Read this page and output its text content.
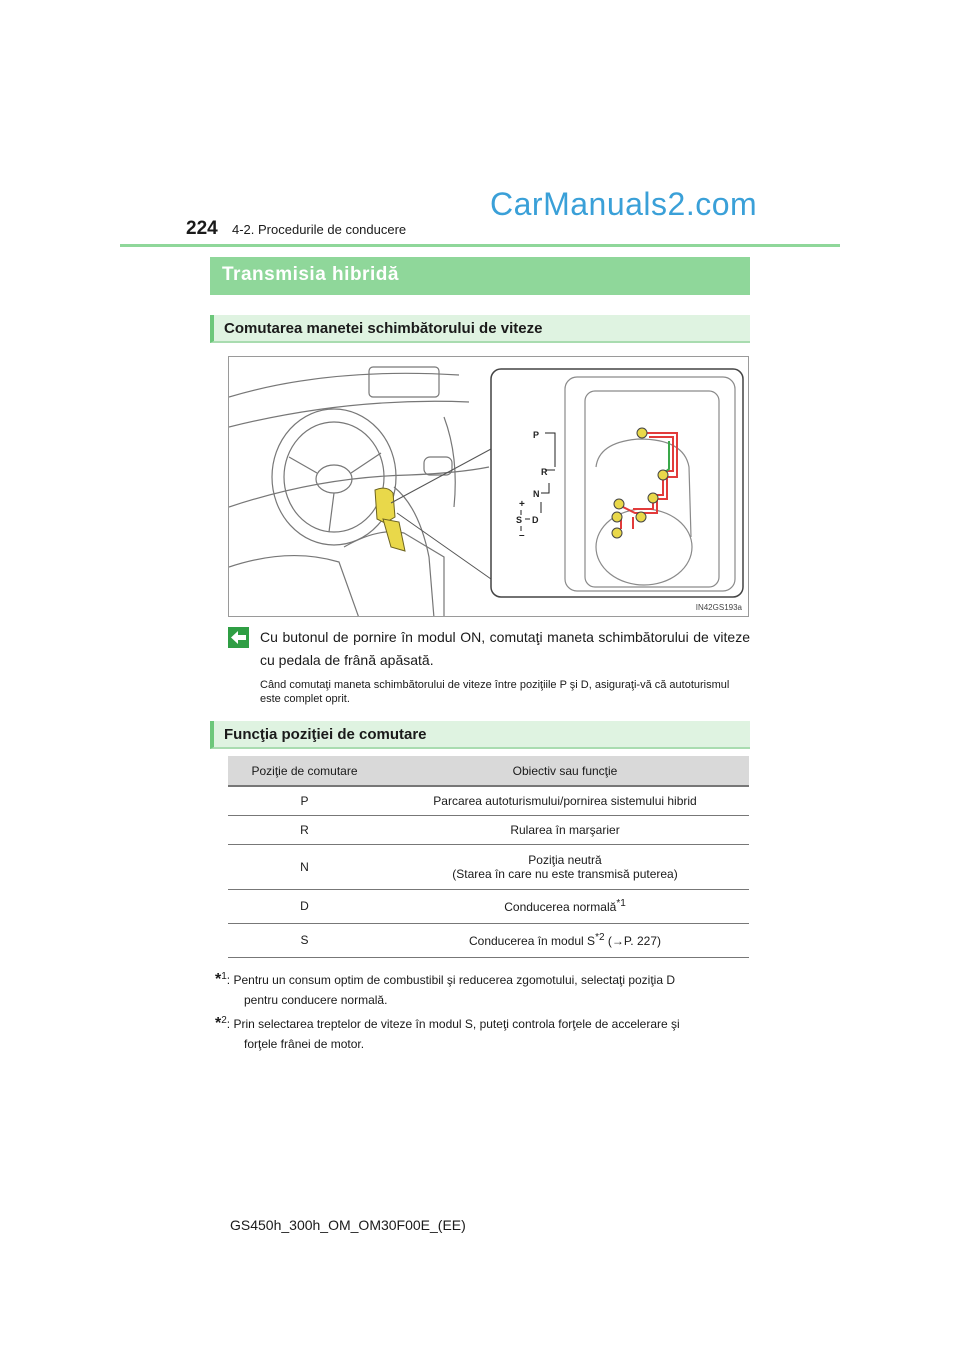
224 4-2. Procedurile de conducere
CarManuals2.com
Transmisia hibridă
Comutarea manetei schimbătorului de viteze
P
R
N
+
S D
–
IN42GS193a
Cu butonul de pornire în modul ON, comutaţi maneta schimbătorului de viteze cu pedala de frână apăsată.
Când comutaţi maneta schimbătorului de viteze între poziţiile P şi D, asiguraţi-vă că autoturismul este complet oprit.
Funcţia poziţiei de comutare
Poziţie de comutare	Obiectiv sau funcţie
P	Parcarea autoturismului/pornirea sistemului hibrid
R	Rularea în marşarier
N	Poziţia neutră
(Starea în care nu este transmisă puterea)

D	Conducerea normală$^{*1}$
S	Conducerea în modul $S^{*2}$ (→P. 227)
*$^1$: Pentru un consum optim de combustibil şi reducerea zgomotului, selectaţi poziţia D
pentru conducere normală.
*$^2$: Prin selectarea treptelor de viteze în modul S, puteţi controla forţele de accelerare şi
forţele frânei de motor.
GS450h_300h_OM_OM30F00E_(EE)
